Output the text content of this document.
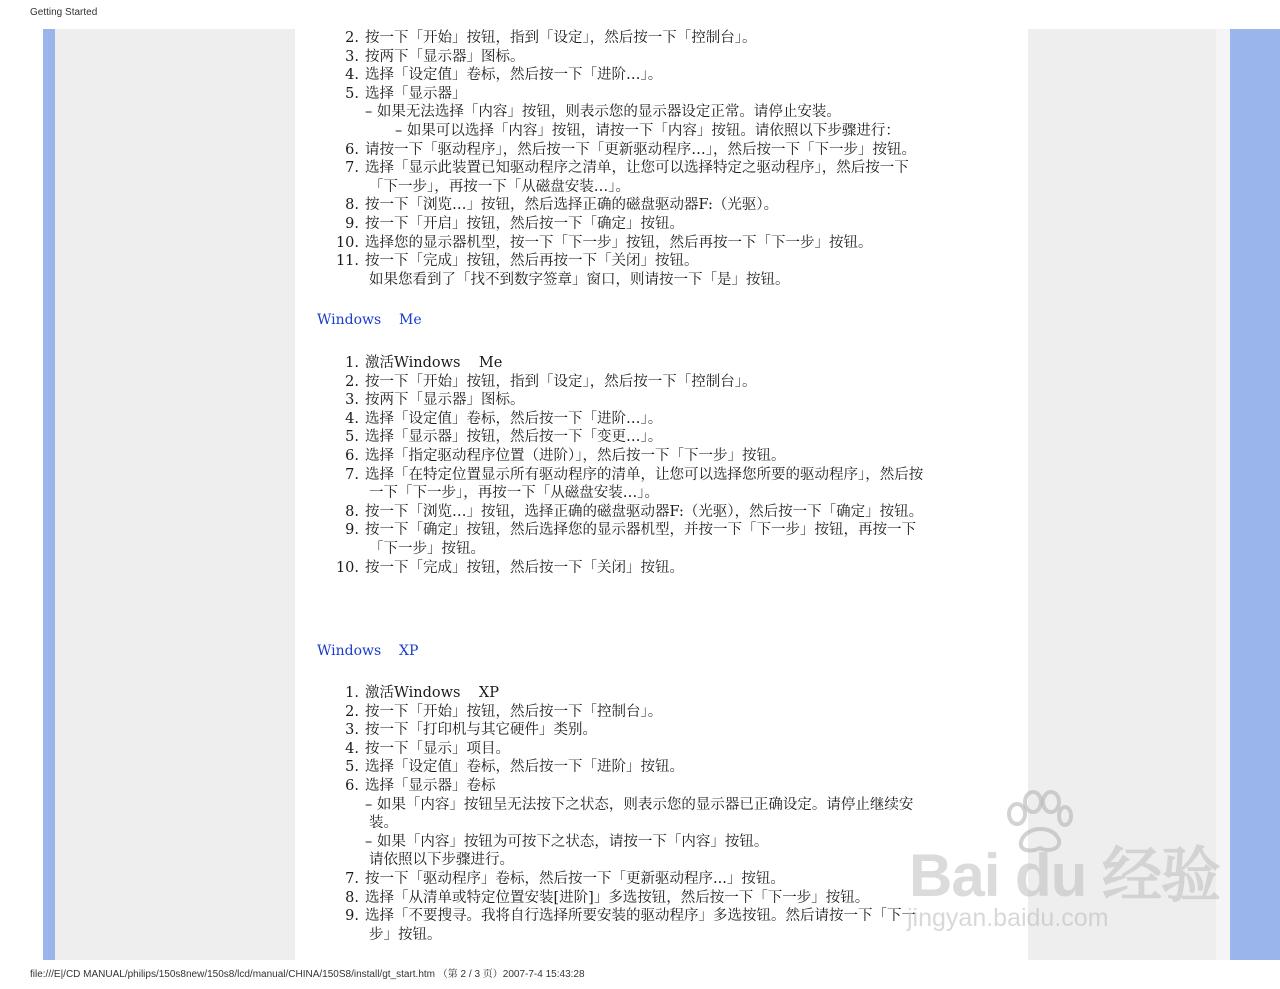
Getting Started
2. 按一下「开始」按钮，指到「设定」，然后按一下「控制台」。
3. 按两下「显示器」图标。
4. 选择「设定值」卷标，然后按一下「进阶…」。
5. 选择「显示器」
– 如果无法选择「内容」按钮，则表示您的显示器设定正常。请停止安装。
– 如果可以选择「内容」按钮，请按一下「内容」按钮。请依照以下步骤进行：
6. 请按一下「驱动程序」，然后按一下「更新驱动程序…」，然后按一下「下一步」按钮。
7. 选择「显示此装置已知驱动程序之清单，让您可以选择特定之驱动程序」，然后按一下
「下一步」，再按一下「从磁盘安装…」。
8. 按一下「浏览…」按钮，然后选择正确的磁盘驱动器F:（光驱）。
9. 按一下「开启」按钮，然后按一下「确定」按钮。
10. 选择您的显示器机型，按一下「下一步」按钮，然后再按一下「下一步」按钮。
11. 按一下「完成」按钮，然后再按一下「关闭」按钮。
如果您看到了「找不到数字签章」窗口，则请按一下「是」按钮。
Windows    Me
1. 激活Windows    Me
2. 按一下「开始」按钮，指到「设定」，然后按一下「控制台」。
3. 按两下「显示器」图标。
4. 选择「设定值」卷标，然后按一下「进阶…」。
5. 选择「显示器」按钮，然后按一下「变更…」。
6. 选择「指定驱动程序位置（进阶）」，然后按一下「下一步」按钮。
7. 选择「在特定位置显示所有驱动程序的清单，让您可以选择您所要的驱动程序」，然后按
一下「下一步」，再按一下「从磁盘安装…」。
8. 按一下「浏览…」按钮，选择正确的磁盘驱动器F:（光驱），然后按一下「确定」按钮。
9. 按一下「确定」按钮，然后选择您的显示器机型，并按一下「下一步」按钮，再按一下
「下一步」按钮。
10. 按一下「完成」按钮，然后按一下「关闭」按钮。
Windows    XP
1. 激活Windows    XP
2. 按一下「开始」按钮，然后按一下「控制台」。
3. 按一下「打印机与其它硬件」类别。
4. 按一下「显示」项目。
5. 选择「设定值」卷标，然后按一下「进阶」按钮。
6. 选择「显示器」卷标
– 如果「内容」按钮呈无法按下之状态，则表示您的显示器已正确设定。请停止继续安
装。
– 如果「内容」按钮为可按下之状态，请按一下「内容」按钮。
请依照以下步骤进行。
7. 按一下「驱动程序」卷标，然后按一下「更新驱动程序...」按钮。
8. 选择「从清单或特定位置安装[进阶]」多选按钮，然后按一下「下一步」按钮。
9. 选择「不要搜寻。我将自行选择所要安装的驱动程序」多选按钮。然后请按一下「下一
步」按钮。
Bai du 经验
jingyan.baidu.com
file:///E|/CD MANUAL/philips/150s8new/150s8/lcd/manual/CHINA/150S8/install/gt_start.htm （第 2 / 3 页）2007-7-4 15:43:28
